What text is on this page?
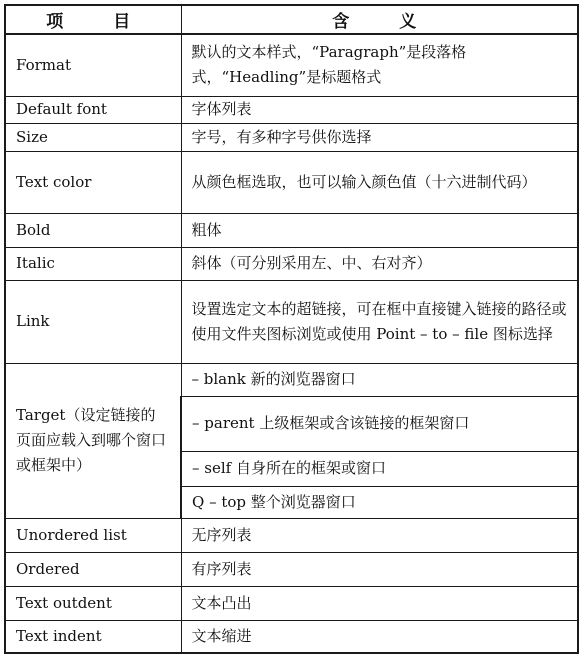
项 目	含 义
Format	默认的文本样式，“Paragraph”是段落格式，“Headling”是标题格式
Default font	字体列表
Size	字号，有多种字号供你选择
Text color	从颜色框选取，也可以输入颜色值（十六进制代码）
Bold	粗体
Italic	斜体（可分别采用左、中、右对齐）
Link	设置选定文本的超链接，可在框中直接键入链接的路径或使用文件夹图标浏览或使用 Point – to – file 图标选择
Target（设定链接的页面应载入到哪个窗口或框架中）	– blank 新的浏览器窗口
	– parent 上级框架或含该链接的框架窗口
	– self 自身所在的框架或窗口
	Q – top 整个浏览器窗口
Unordered list	无序列表
Ordered	有序列表
Text outdent	文本凸出
Text indent	文本缩进
